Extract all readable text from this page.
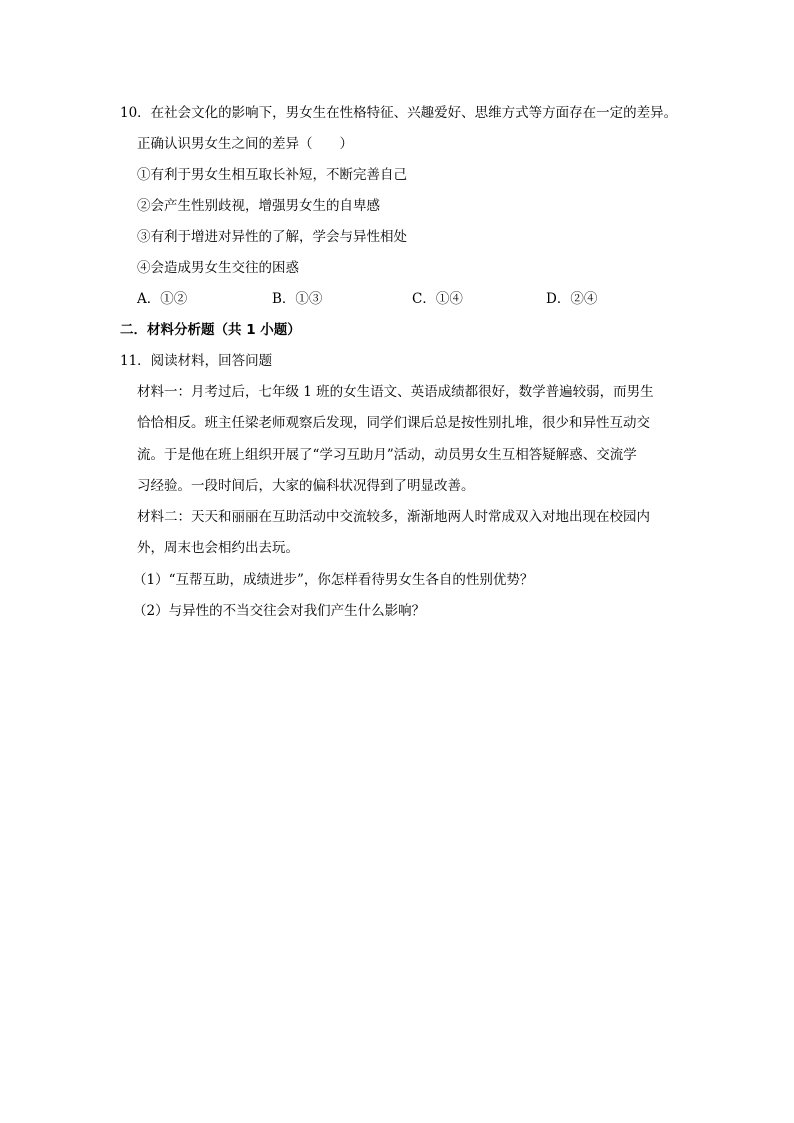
10．在社会文化的影响下，男女生在性格特征、兴趣爱好、思维方式等方面存在一定的差异。
正确认识男女生之间的差异（　　）
①有利于男女生相互取长补短，不断完善自己
②会产生性别歧视，增强男女生的自卑感
③有利于增进对异性的了解，学会与异性相处
④会造成男女生交往的困惑
A．①②	B．①③	C．①④	D．②④
二．材料分析题（共 1 小题）
11．阅读材料，回答问题
材料一：月考过后，七年级 1 班的女生语文、英语成绩都很好，数学普遍较弱，而男生
恰恰相反。班主任梁老师观察后发现，同学们课后总是按性别扎堆，很少和异性互动交
流。于是他在班上组织开展了“学习互助月”活动，动员男女生互相答疑解惑、交流学
习经验。一段时间后，大家的偏科状况得到了明显改善。
材料二：天天和丽丽在互助活动中交流较多，渐渐地两人时常成双入对地出现在校园内
外，周末也会相约出去玩。
（1）“互帮互助，成绩进步”，你怎样看待男女生各自的性别优势？
（2）与异性的不当交往会对我们产生什么影响？
